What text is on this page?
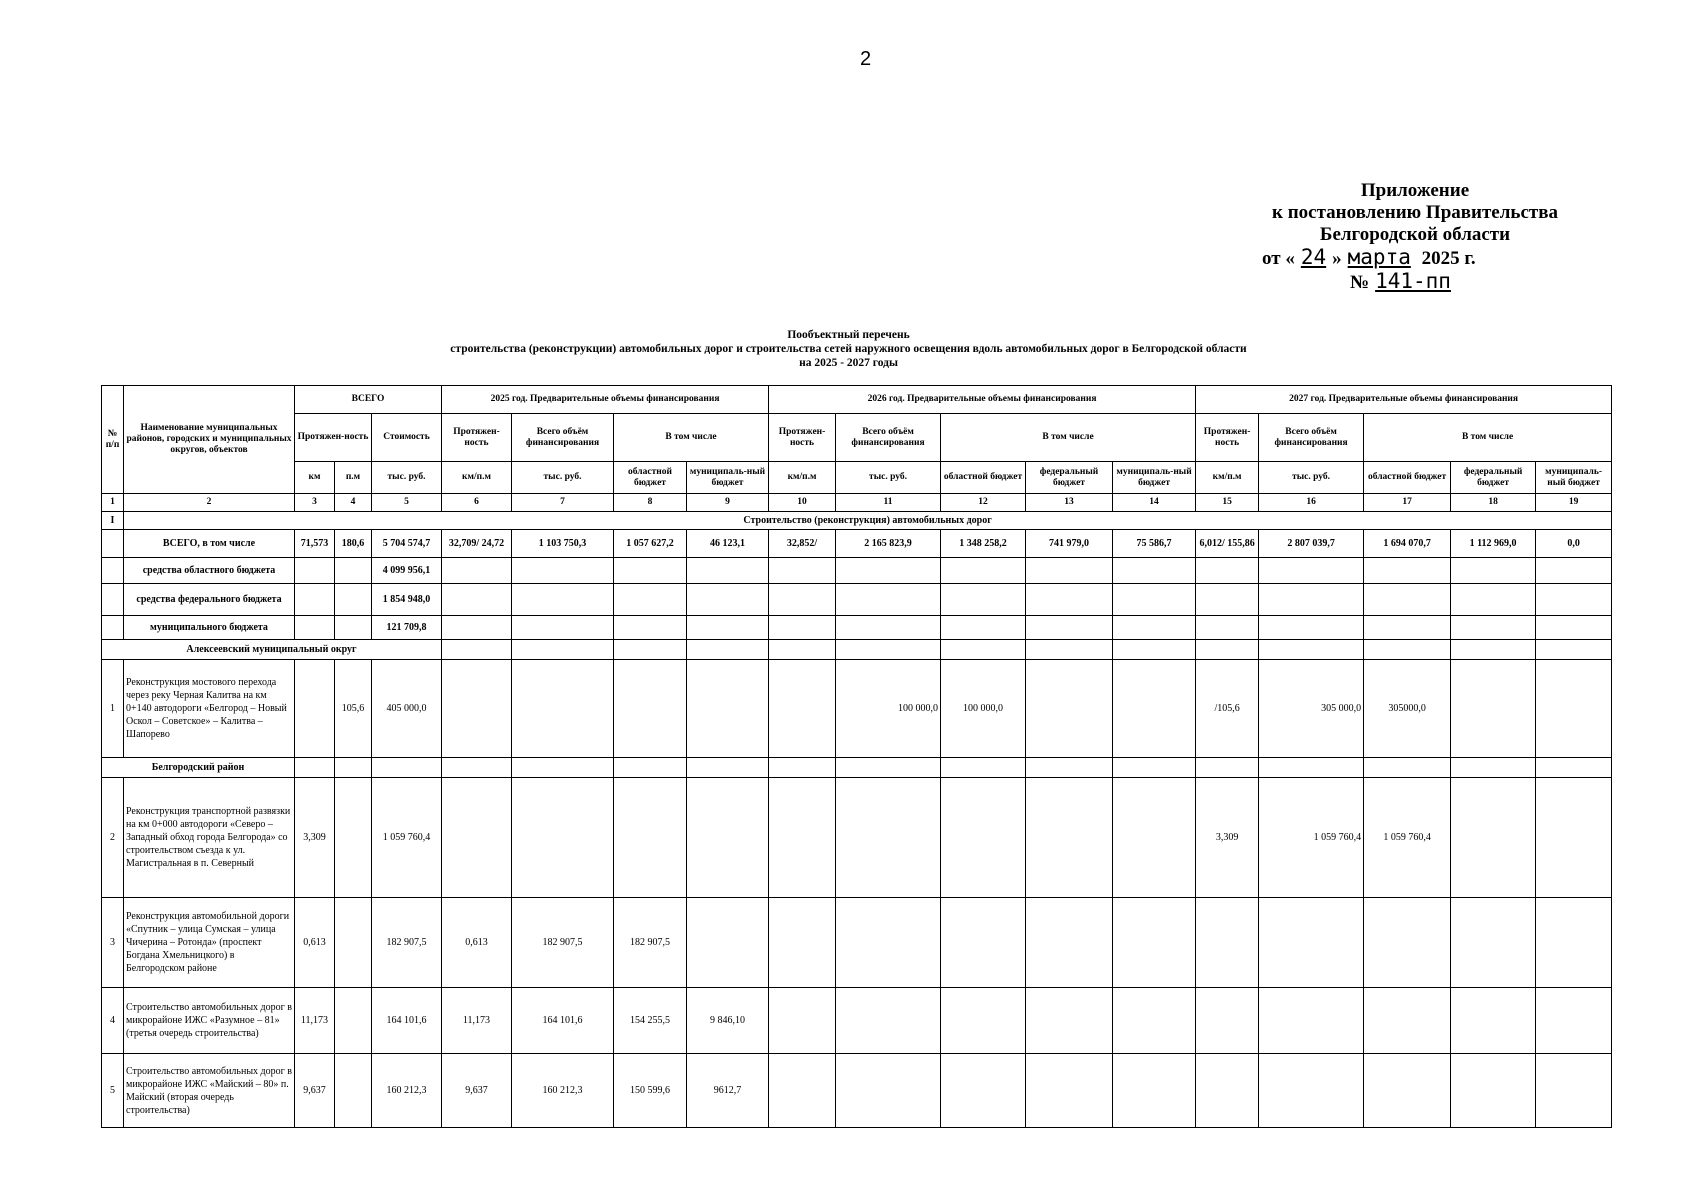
2
Приложение
к постановлению Правительства
Белгородской области
от « 24 » марта 2025 г.
№ 141-пп
Пообъектный перечень
строительства (реконструкции) автомобильных дорог и строительства сетей наружного освещения вдоль автомобильных дорог в Белгородской области
на 2025 - 2027 годы
№ п/п	Наименование муниципальных районов, городских и муниципальных округов, объектов	ВСЕГО			2025 год. Предварительные объемы финансирования				2026 год. Предварительные объемы финансирования					2027 год. Предварительные объемы финансирования				
		Протяжен-ность		Стоимость	Протяжен-ность	Всего объём финансирования	В том числе		Протяжен-ность	Всего объём финансирования	В том числе			Протяжен-ность	Всего объём финансирования	В том числе		
		км	п.м	тыс. руб.	км/п.м	тыс. руб.	областной бюджет	муниципаль-ный бюджет	км/п.м	тыс. руб.	областной бюджет	федеральный бюджет	муниципаль-ный бюджет	км/п.м	тыс. руб.	областной бюджет	федеральный бюджет	муниципаль-ный бюджет
1	2	3	4	5	6	7	8	9	10	11	12	13	14	15	16	17	18	19
I	Строительство (реконструкция) автомобильных дорог																	
	ВСЕГО, в том числе	71,573	180,6	5 704 574,7	32,709/ 24,72	1 103 750,3	1 057 627,2	46 123,1	32,852/	2 165 823,9	1 348 258,2	741 979,0	75 586,7	6,012/ 155,86	2 807 039,7	1 694 070,7	1 112 969,0	0,0
	средства областного бюджета			4 099 956,1														
	средства федерального бюджета			1 854 948,0														
	муниципального бюджета			121 709,8														
Алексеевский муниципальный округ																		
1	Реконструкция мостового перехода через реку Черная Калитва на км 0+140 автодороги «Белгород – Новый Оскол – Советское» – Калитва – Шапорево		105,6	405 000,0						100 000,0	100 000,0			/105,6	305 000,0	305000,0		
Белгородский район																		
2	Реконструкция транспортной развязки на км 0+000 автодороги «Северо – Западный обход города Белгорода» со строительством съезда к ул. Магистральная в п. Северный	3,309		1 059 760,4										3,309	1 059 760,4	1 059 760,4		
3	Реконструкция автомобильной дороги «Спутник – улица Сумская – улица Чичерина – Ротонда» (проспект Богдана Хмельницкого) в Белгородском районе	0,613		182 907,5	0,613	182 907,5	182 907,5											
4	Строительство автомобильных дорог в микрорайоне ИЖС «Разумное – 81» (третья очередь строительства)	11,173		164 101,6	11,173	164 101,6	154 255,5	9 846,10										
5	Строительство автомобильных дорог в микрорайоне ИЖС «Майский – 80» п. Майский (вторая очередь строительства)	9,637		160 212,3	9,637	160 212,3	150 599,6	9612,7										
